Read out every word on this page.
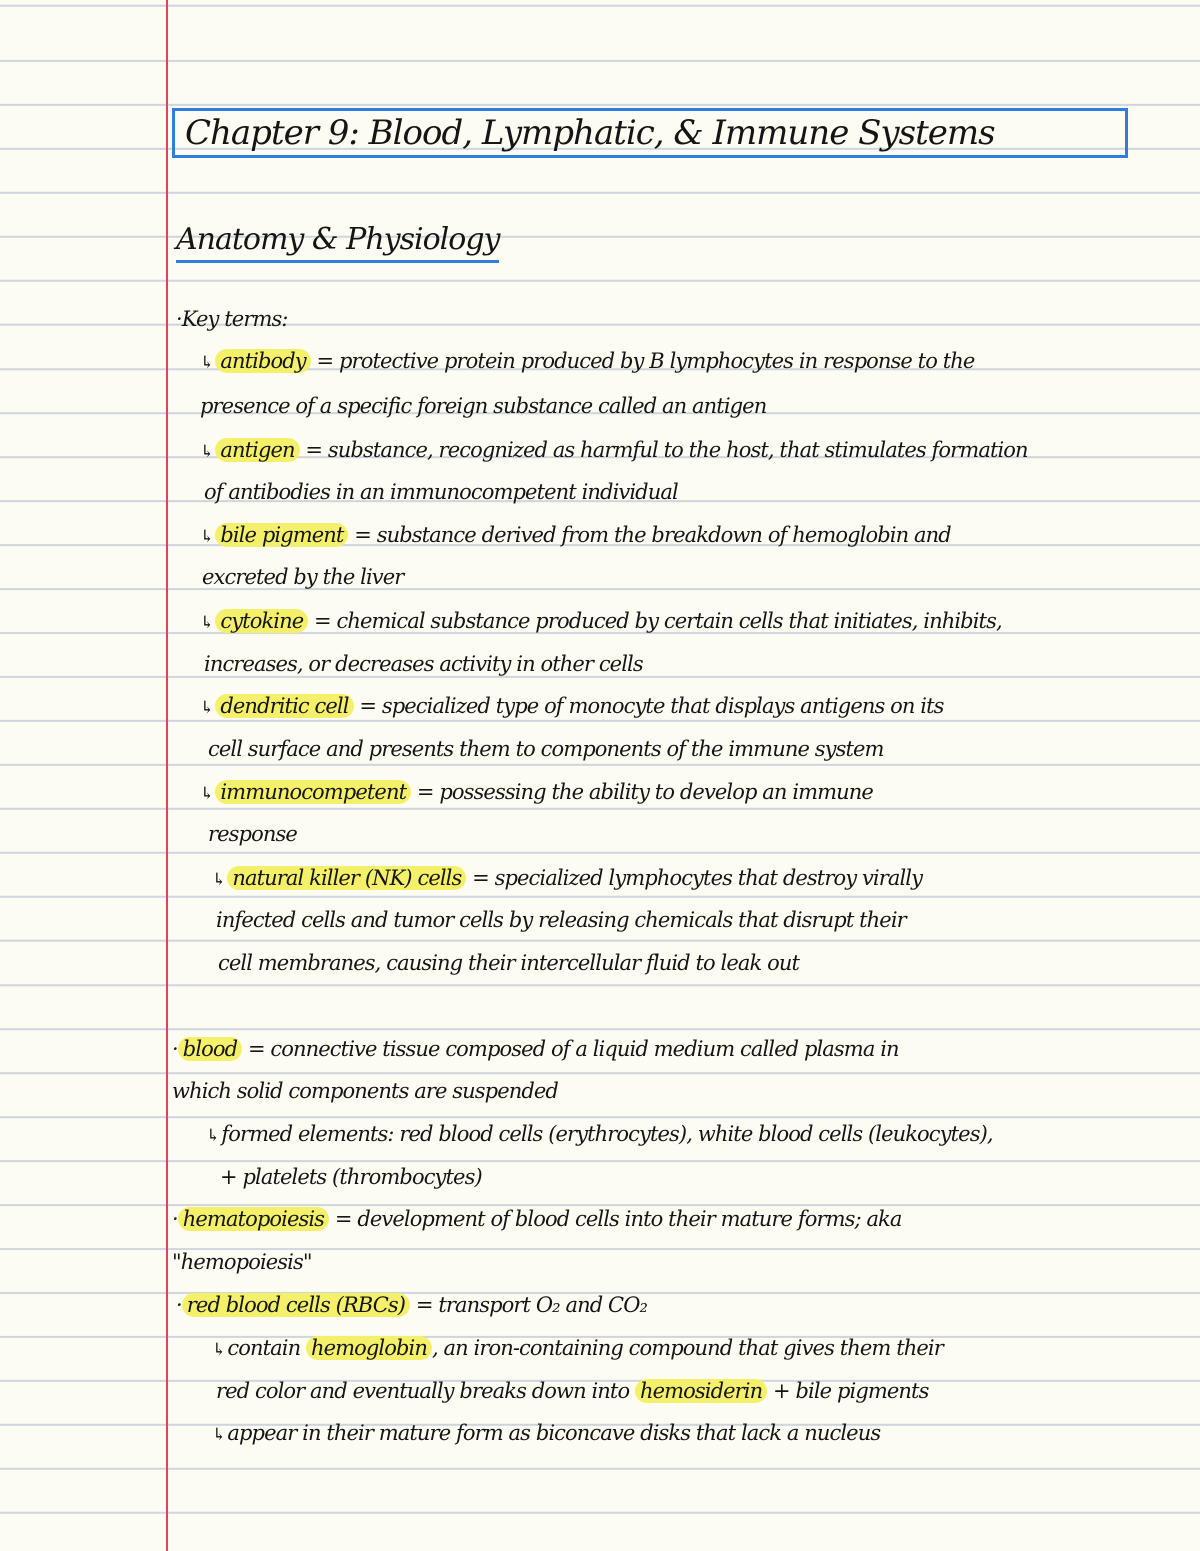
Chapter 9: Blood, Lymphatic, & Immune Systems
Anatomy & Physiology
·Key terms:
↳ antibody = protective protein produced by B lymphocytes in response to the
presence of a specific foreign substance called an antigen
↳ antigen = substance, recognized as harmful to the host, that stimulates formation
of antibodies in an immunocompetent individual
↳ bile pigment = substance derived from the breakdown of hemoglobin and
excreted by the liver
↳ cytokine = chemical substance produced by certain cells that initiates, inhibits,
increases, or decreases activity in other cells
↳ dendritic cell = specialized type of monocyte that displays antigens on its
cell surface and presents them to components of the immune system
↳ immunocompetent = possessing the ability to develop an immune
response
↳ natural killer (NK) cells = specialized lymphocytes that destroy virally
infected cells and tumor cells by releasing chemicals that disrupt their
cell membranes, causing their intercellular fluid to leak out
· blood = connective tissue composed of a liquid medium called plasma in
which solid components are suspended
↳formed elements: red blood cells (erythrocytes), white blood cells (leukocytes),
+ platelets (thrombocytes)
· hematopoiesis = development of blood cells into their mature forms; aka
"hemopoiesis"
· red blood cells (RBCs) = transport O₂ and CO₂
↳contain hemoglobin , an iron-containing compound that gives them their
red color and eventually breaks down into hemosiderin + bile pigments
↳appear in their mature form as biconcave disks that lack a nucleus
